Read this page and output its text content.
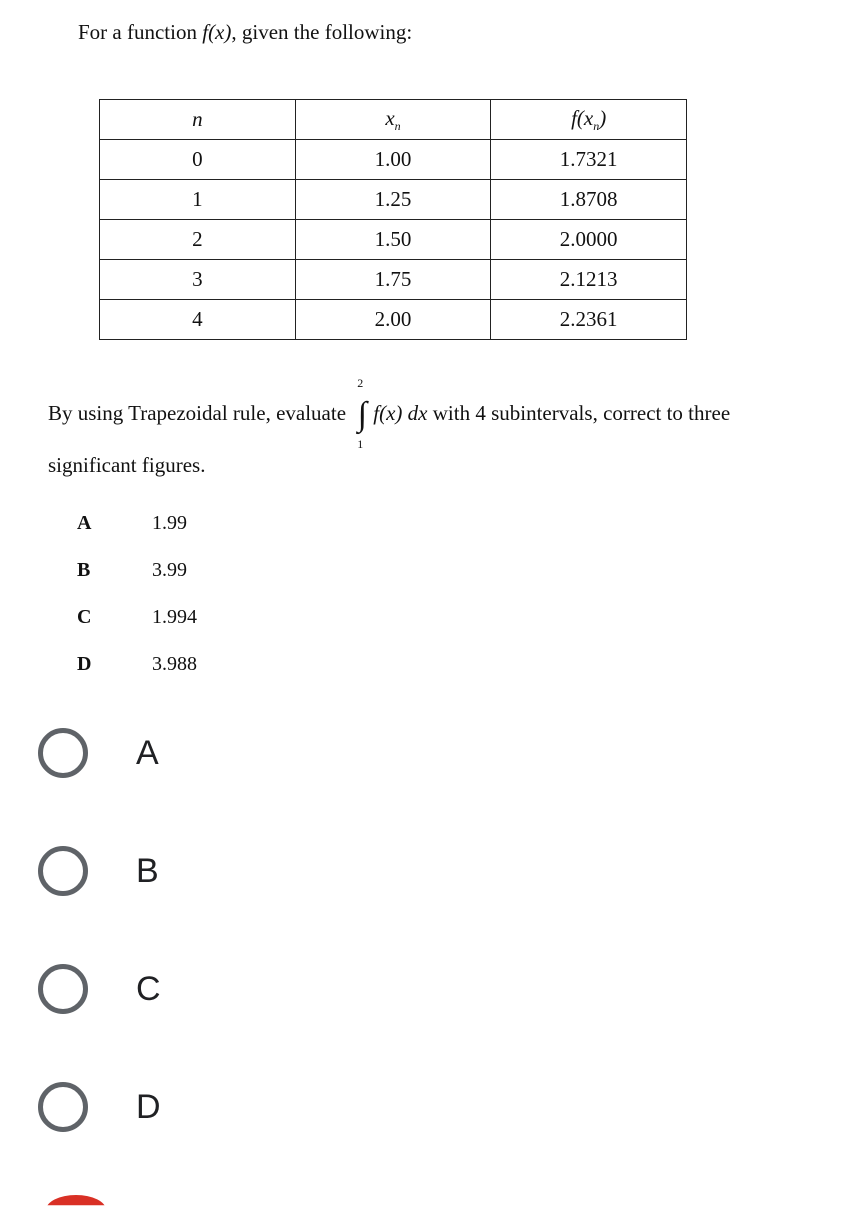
For a function f(x), given the following:
n	$x_n$	$f(x_n)$
0	1.00	1.7321
1	1.25	1.8708
2	1.50	2.0000
3	1.75	2.1213
4	2.00	2.2361
By using Trapezoidal rule, evaluate
2
∫
1
f(x) dx with 4 subintervals, correct to three
significant figures.
A	1.99
B	3.99
C	1.994
D	3.988
A
B
C
D
